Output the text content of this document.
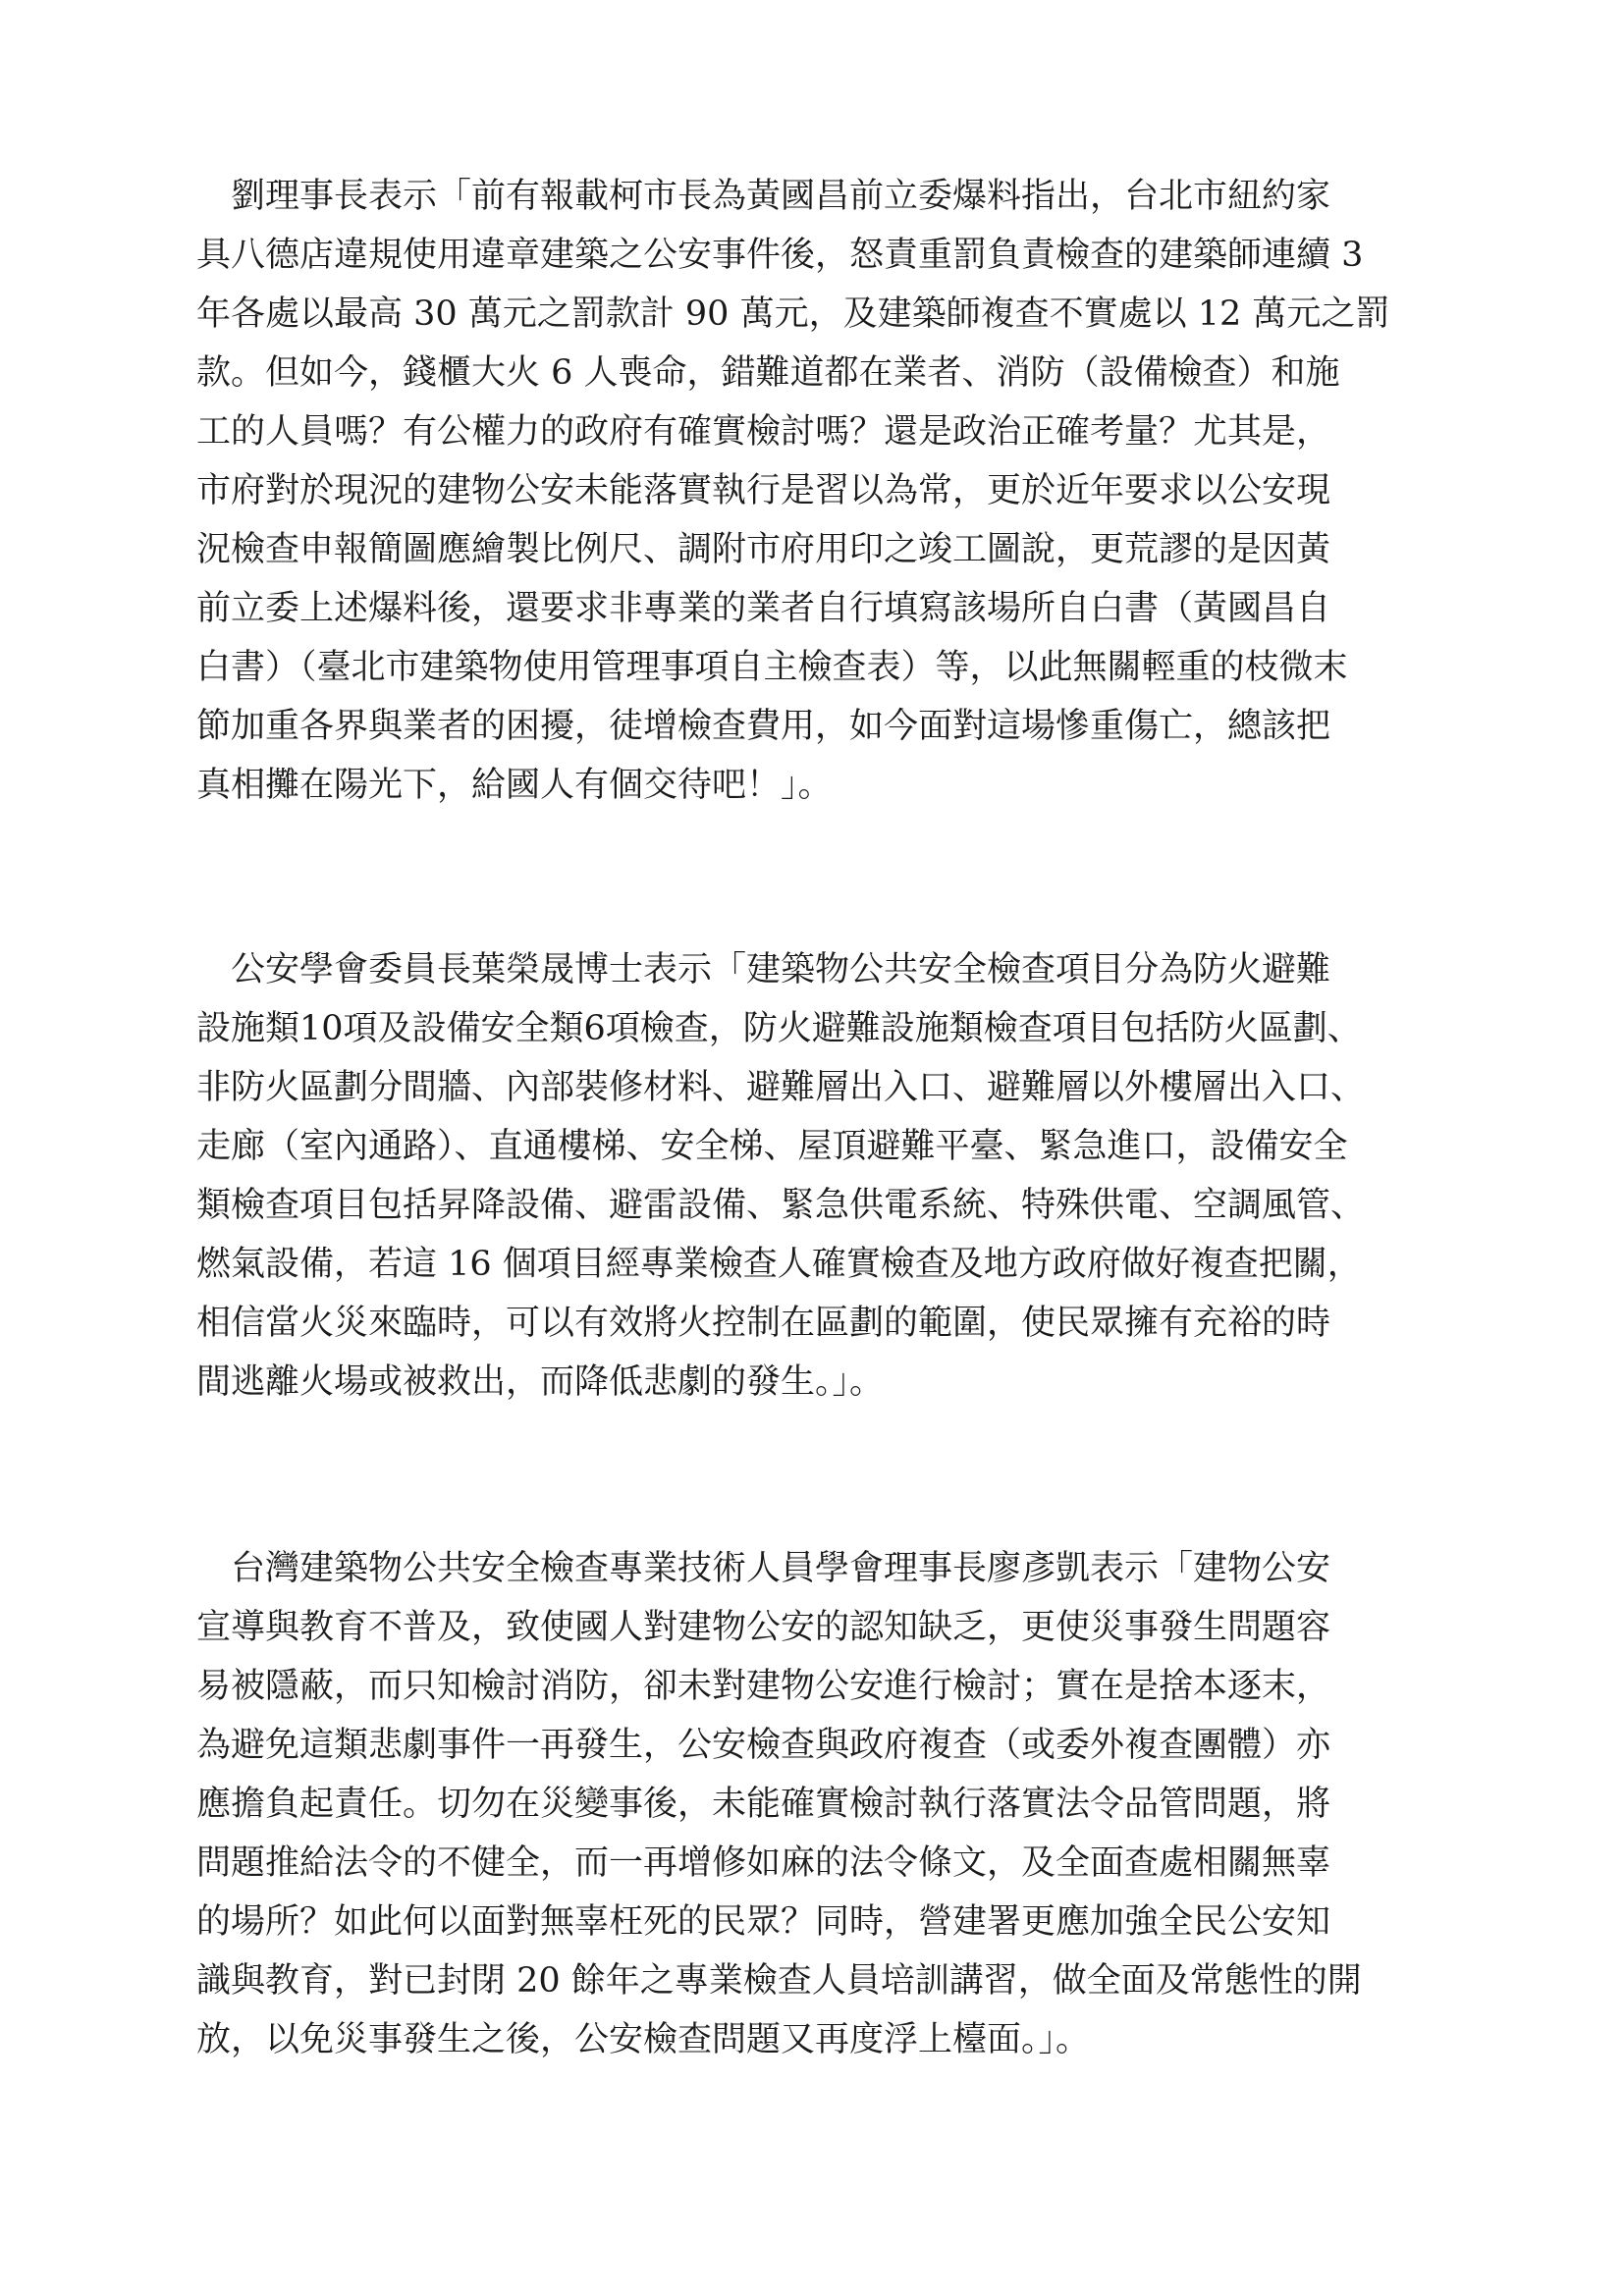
　劉理事長表示「前有報載柯市長為黃國昌前立委爆料指出，台北市紐約家

具八德店違規使用違章建築之公安事件後，怒責重罰負責檢查的建築師連續 3

年各處以最高 30 萬元之罰款計 90 萬元，及建築師複查不實處以 12 萬元之罰

款。但如今，錢櫃大火 6 人喪命，錯難道都在業者、消防（設備檢查）和施

工的人員嗎？有公權力的政府有確實檢討嗎？還是政治正確考量？尤其是，

市府對於現況的建物公安未能落實執行是習以為常，更於近年要求以公安現

況檢查申報簡圖應繪製比例尺、調附市府用印之竣工圖說，更荒謬的是因黃

前立委上述爆料後，還要求非專業的業者自行填寫該場所自白書（黃國昌自

白書）（臺北市建築物使用管理事項自主檢查表）等，以此無關輕重的枝微末

節加重各界與業者的困擾，徒增檢查費用，如今面對這場慘重傷亡，總該把

真相攤在陽光下，給國人有個交待吧！」。

　公安學會委員長葉榮晟博士表示「建築物公共安全檢查項目分為防火避難

設施類10項及設備安全類6項檢查，防火避難設施類檢查項目包括防火區劃、

非防火區劃分間牆、內部裝修材料、避難層出入口、避難層以外樓層出入口、

走廊（室內通路）、直通樓梯、安全梯、屋頂避難平臺、緊急進口，設備安全

類檢查項目包括昇降設備、避雷設備、緊急供電系統、特殊供電、空調風管、

燃氣設備，若這 16 個項目經專業檢查人確實檢查及地方政府做好複查把關，

相信當火災來臨時，可以有效將火控制在區劃的範圍，使民眾擁有充裕的時

間逃離火場或被救出，而降低悲劇的發生。」。

　台灣建築物公共安全檢查專業技術人員學會理事長廖彥凱表示「建物公安

宣導與教育不普及，致使國人對建物公安的認知缺乏，更使災事發生問題容

易被隱蔽，而只知檢討消防，卻未對建物公安進行檢討；實在是捨本逐末，

為避免這類悲劇事件一再發生，公安檢查與政府複查（或委外複查團體）亦

應擔負起責任。切勿在災變事後，未能確實檢討執行落實法令品管問題，將

問題推給法令的不健全，而一再增修如麻的法令條文，及全面查處相關無辜

的場所？如此何以面對無辜枉死的民眾？同時，營建署更應加強全民公安知

識與教育，對已封閉 20 餘年之專業檢查人員培訓講習，做全面及常態性的開

放，以免災事發生之後，公安檢查問題又再度浮上檯面。」。
